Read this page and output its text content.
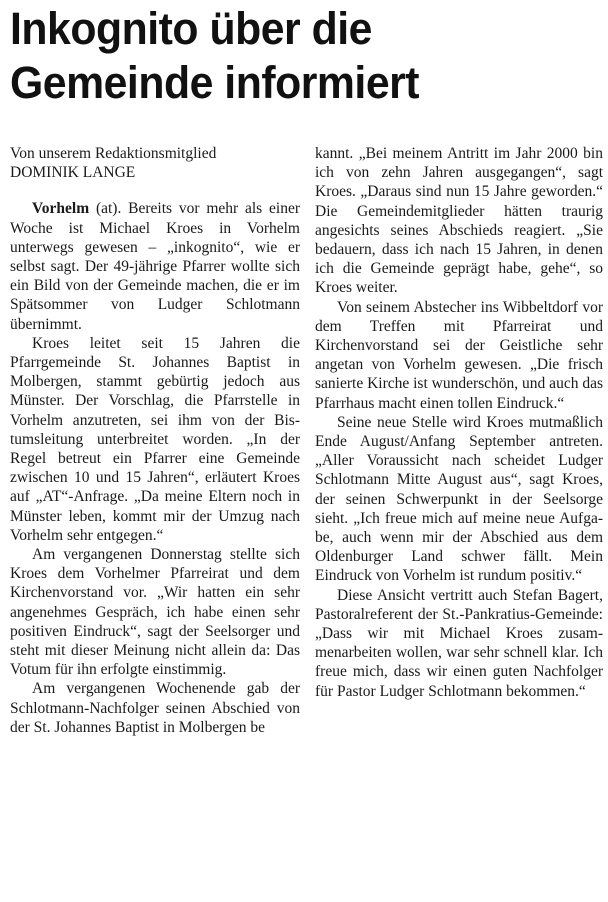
Inkognito über die
Gemeinde informiert
Von unserem Redaktionsmitglied
DOMINIK LANGE

Vorhelm (at). Bereits vor mehr als einer Woche ist Michael Kroes in Vorhelm unterwegs gewesen – „inkognito“, wie er selbst sagt. Der 49-jährige Pfarrer wollte sich ein Bild von der Gemeinde machen, die er im Spätsommer von Ludger Schlotmann übernimmt.

Kroes leitet seit 15 Jahren die Pfarrgemeinde St. Johannes Baptist in Molbergen, stammt gebürtig jedoch aus Münster. Der Vorschlag, die Pfarrstelle in Vorhelm anzutreten, sei ihm von der Bistumsleitung unterbreitet worden. „In der Regel betreut ein Pfarrer eine Gemeinde zwischen 10 und 15 Jahren“, erläutert Kroes auf „AT“-Anfrage. „Da meine Eltern noch in Münster leben, kommt mir der Umzug nach Vorhelm sehr entgegen.“

Am vergangenen Donnerstag stellte sich Kroes dem Vorhelmer Pfarreirat und dem Kirchenvorstand vor. „Wir hatten ein sehr angenehmes Gespräch, ich habe einen sehr positiven Eindruck“, sagt der Seelsorger und steht mit dieser Meinung nicht allein da: Das Votum für ihn erfolgte einstimmig.

Am vergangenen Wochenende gab der Schlotmann-Nachfolger seinen Abschied von der St. Johannes Baptist in Molbergen be

kannt. „Bei meinem Antritt im Jahr 2000 bin ich von zehn Jahren ausgegangen“, sagt Kroes. „Daraus sind nun 15 Jahre geworden.“ Die Gemeindemitglieder hätten traurig angesichts seines Abschieds reagiert. „Sie bedauern, dass ich nach 15 Jahren, in denen ich die Gemeinde geprägt habe, gehe“, so Kroes weiter.

Von seinem Abstecher ins Wibbeltdorf vor dem Treffen mit Pfarreirat und Kirchenvorstand sei der Geistliche sehr angetan von Vorhelm gewesen. „Die frisch sanierte Kirche ist wunderschön, und auch das Pfarrhaus macht einen tollen Eindruck.“

Seine neue Stelle wird Kroes mutmaßlich Ende August/Anfang September antreten. „Aller Voraussicht nach scheidet Ludger Schlotmann Mitte August aus“, sagt Kroes, der seinen Schwerpunkt in der Seelsorge sieht. „Ich freue mich auf meine neue Aufgabe, auch wenn mir der Abschied aus dem Oldenburger Land schwer fällt. Mein Eindruck von Vorhelm ist rundum positiv.“

Diese Ansicht vertritt auch Stefan Bagert, Pastoralreferent der St.-Pankratius-Gemeinde: „Dass wir mit Michael Kroes zusammenarbeiten wollen, war sehr schnell klar. Ich freue mich, dass wir einen guten Nachfolger für Pastor Ludger Schlotmann bekommen.“
